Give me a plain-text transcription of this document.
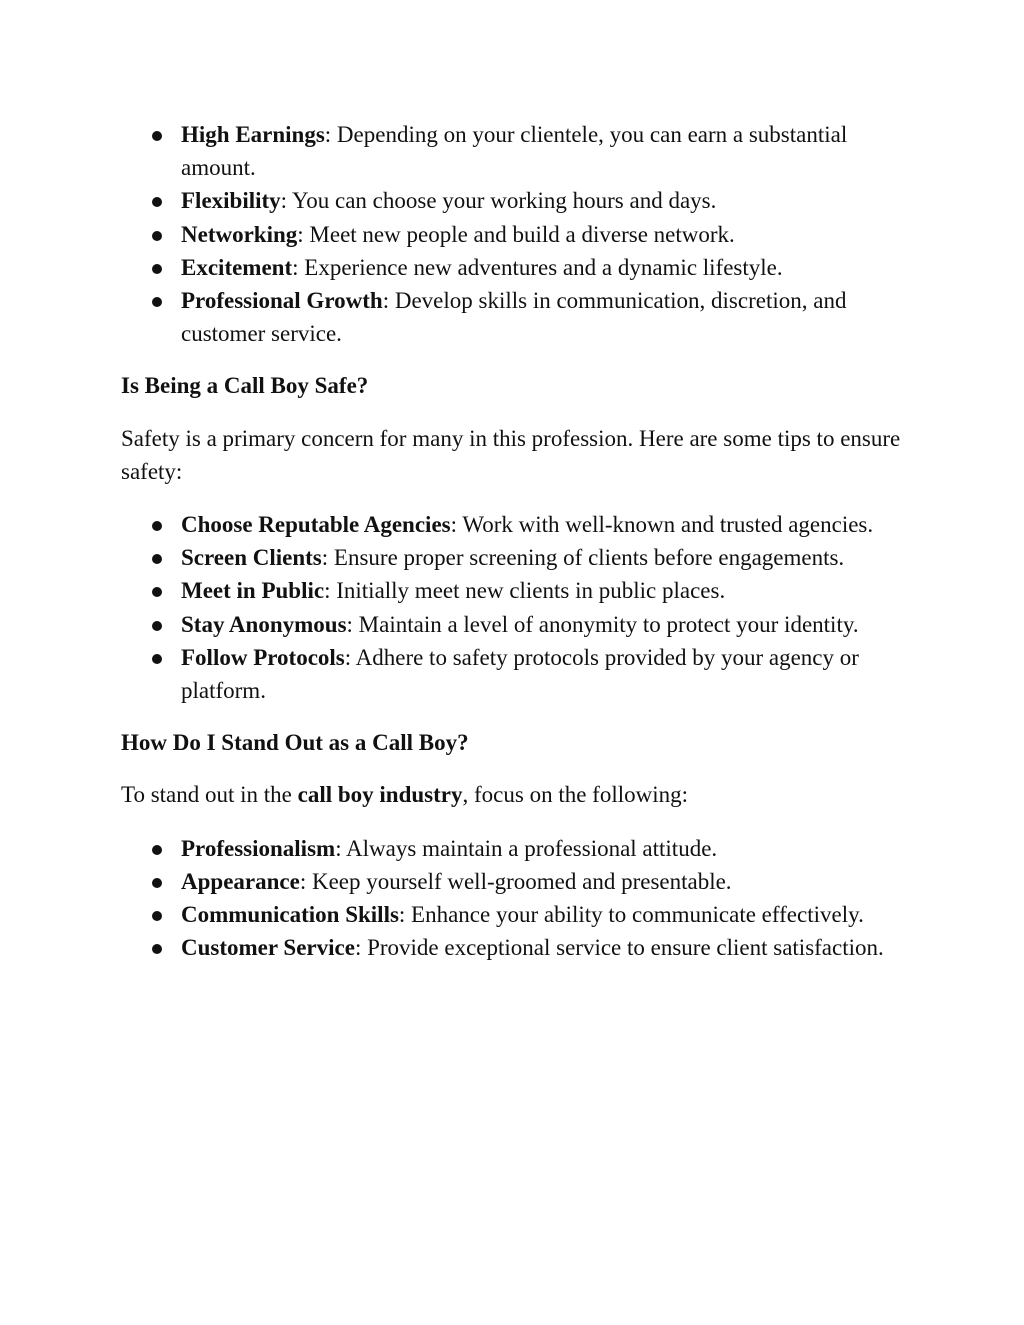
High Earnings: Depending on your clientele, you can earn a substantial amount.
Flexibility: You can choose your working hours and days.
Networking: Meet new people and build a diverse network.
Excitement: Experience new adventures and a dynamic lifestyle.
Professional Growth: Develop skills in communication, discretion, and customer service.
Is Being a Call Boy Safe?

Safety is a primary concern for many in this profession. Here are some tips to ensure safety:

Choose Reputable Agencies: Work with well-known and trusted agencies.
Screen Clients: Ensure proper screening of clients before engagements.
Meet in Public: Initially meet new clients in public places.
Stay Anonymous: Maintain a level of anonymity to protect your identity.
Follow Protocols: Adhere to safety protocols provided by your agency or platform.
How Do I Stand Out as a Call Boy?

To stand out in the call boy industry, focus on the following:

Professionalism: Always maintain a professional attitude.
Appearance: Keep yourself well-groomed and presentable.
Communication Skills: Enhance your ability to communicate effectively.
Customer Service: Provide exceptional service to ensure client satisfaction.
